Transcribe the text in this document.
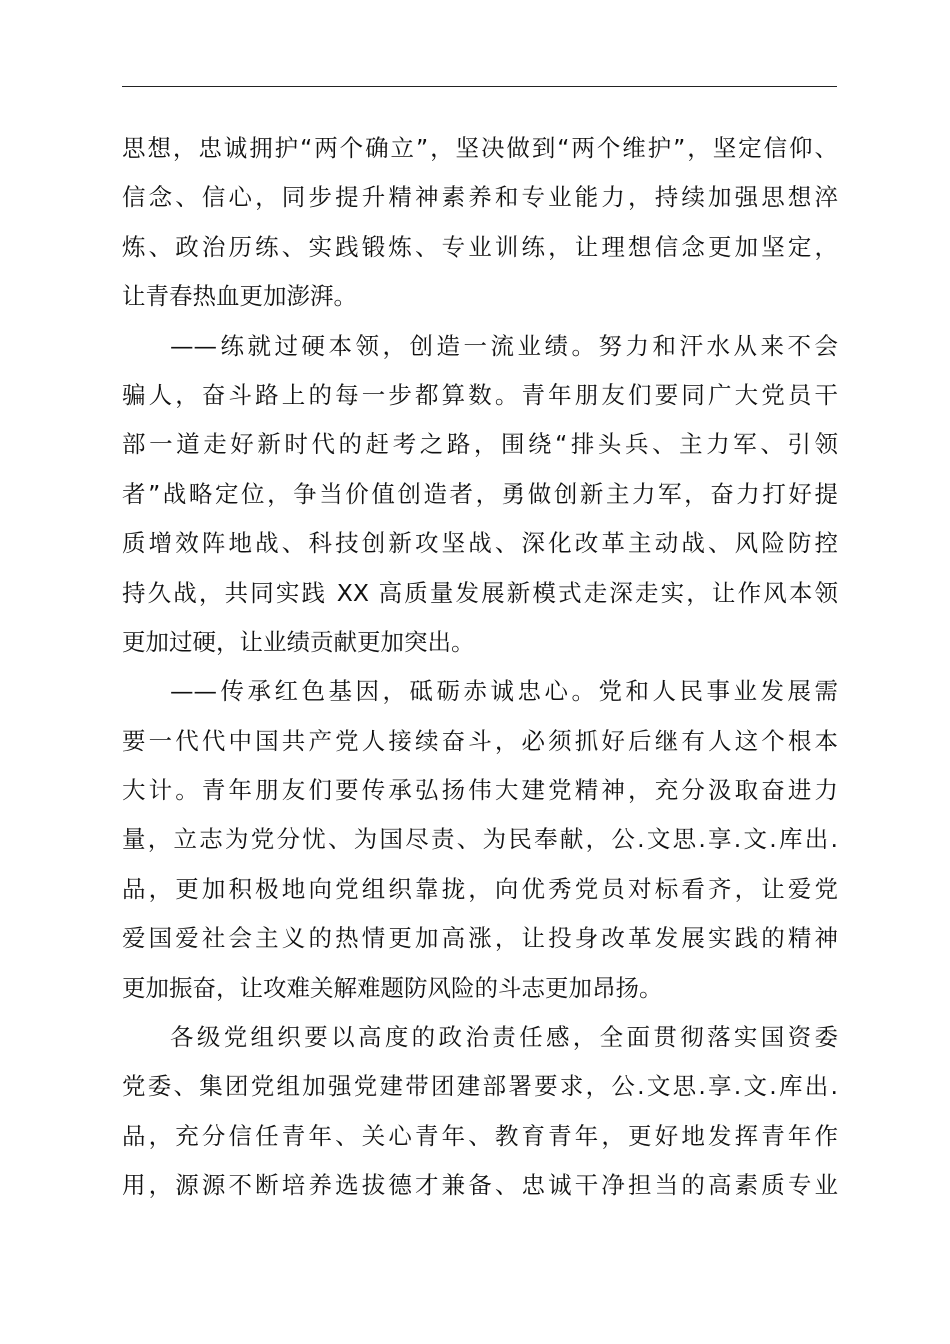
思想，忠诚拥护“两个确立”，坚决做到“两个维护”，坚定信仰、
信念、信心，同步提升精神素养和专业能力，持续加强思想淬
炼、政治历练、实践锻炼、专业训练，让理想信念更加坚定，
让青春热血更加澎湃。
——练就过硬本领，创造一流业绩。努力和汗水从来不会
骗人，奋斗路上的每一步都算数。青年朋友们要同广大党员干
部一道走好新时代的赶考之路，围绕“排头兵、主力军、引领
者”战略定位，争当价值创造者，勇做创新主力军，奋力打好提
质增效阵地战、科技创新攻坚战、深化改革主动战、风险防控
持久战，共同实践 XX 高质量发展新模式走深走实，让作风本领
更加过硬，让业绩贡献更加突出。
——传承红色基因，砥砺赤诚忠心。党和人民事业发展需
要一代代中国共产党人接续奋斗，必须抓好后继有人这个根本
大计。青年朋友们要传承弘扬伟大建党精神，充分汲取奋进力
量，立志为党分忧、为国尽责、为民奉献，公.文思.享.文.库出.
品，更加积极地向党组织靠拢，向优秀党员对标看齐，让爱党
爱国爱社会主义的热情更加高涨，让投身改革发展实践的精神
更加振奋，让攻难关解难题防风险的斗志更加昂扬。
各级党组织要以高度的政治责任感，全面贯彻落实国资委
党委、集团党组加强党建带团建部署要求，公.文思.享.文.库出.
品，充分信任青年、关心青年、教育青年，更好地发挥青年作
用，源源不断培养选拔德才兼备、忠诚干净担当的高素质专业
